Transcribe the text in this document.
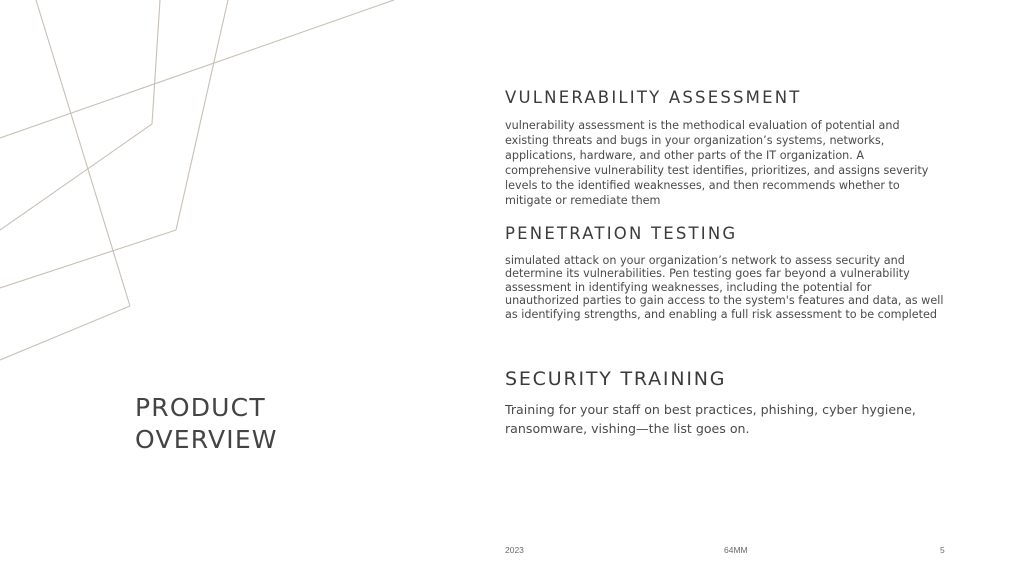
PRODUCT
OVERVIEW
VULNERABILITY ASSESSMENT

vulnerability assessment is the methodical evaluation of potential and existing threats and bugs in your organization’s systems, networks, applications, hardware, and other parts of the IT organization. A comprehensive vulnerability test identifies, prioritizes, and assigns severity levels to the identified weaknesses, and then recommends whether to mitigate or remediate them

PENETRATION TESTING

simulated attack on your organization’s network to assess security and determine its vulnerabilities. Pen testing goes far beyond a vulnerability assessment in identifying weaknesses, including the potential for unauthorized parties to gain access to the system's features and data, as well as identifying strengths, and enabling a full risk assessment to be completed

SECURITY TRAINING

Training for your staff on best practices, phishing, cyber hygiene, ransomware, vishing—the list goes on.

2023	64MM	5
